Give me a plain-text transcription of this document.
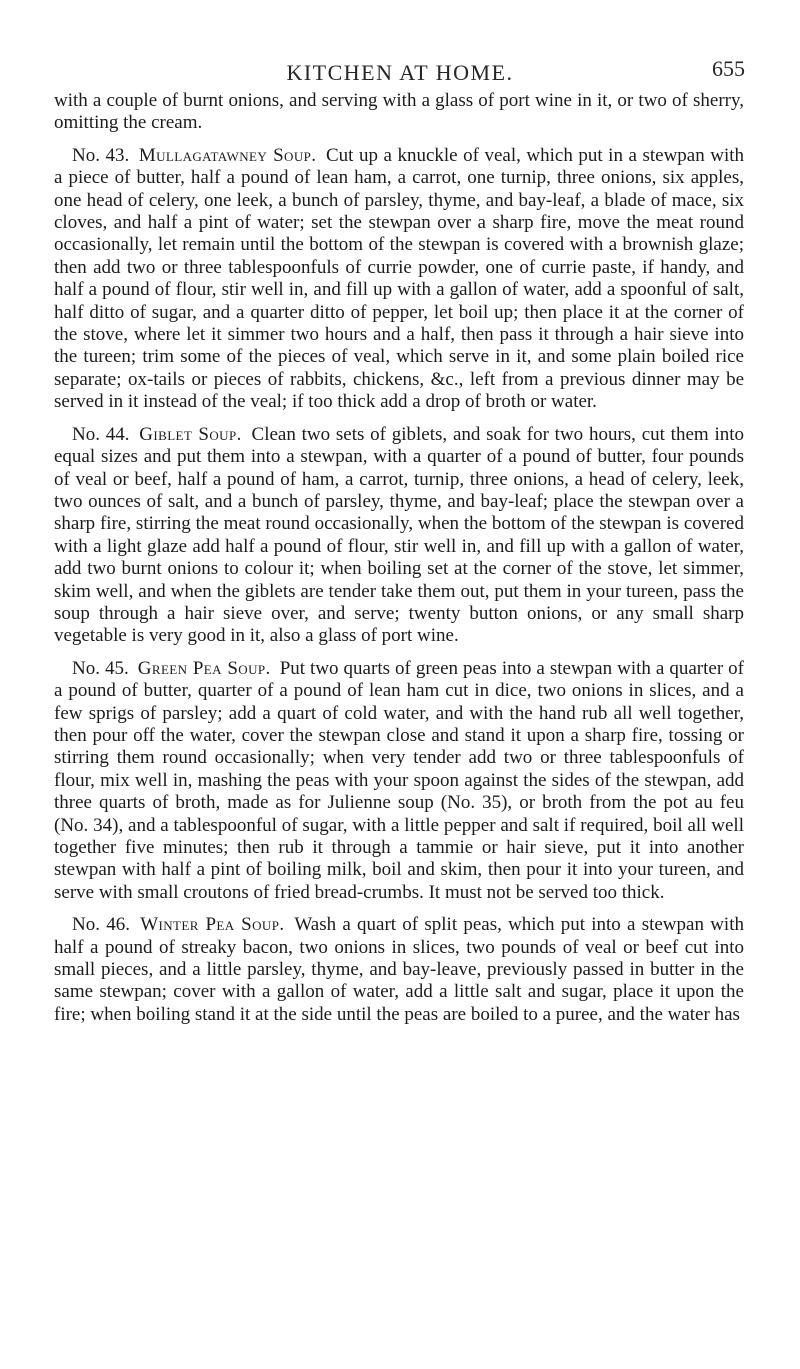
KITCHEN AT HOME.	655

with a couple of burnt onions, and serving with a glass of port wine in it, or two of sherry, omitting the cream.

No. 43. Mullagatawney Soup. Cut up a knuckle of veal, which put in a stewpan with a piece of butter, half a pound of lean ham, a carrot, one turnip, three onions, six apples, one head of celery, one leek, a bunch of parsley, thyme, and bay-leaf, a blade of mace, six cloves, and half a pint of water; set the stewpan over a sharp fire, move the meat round occasionally, let remain until the bottom of the stewpan is covered with a brownish glaze; then add two or three tablespoonfuls of currie powder, one of currie paste, if handy, and half a pound of flour, stir well in, and fill up with a gallon of water, add a spoonful of salt, half ditto of sugar, and a quarter ditto of pepper, let boil up; then place it at the corner of the stove, where let it simmer two hours and a half, then pass it through a hair sieve into the tureen; trim some of the pieces of veal, which serve in it, and some plain boiled rice separate; ox-tails or pieces of rabbits, chickens, &c., left from a previous dinner may be served in it instead of the veal; if too thick add a drop of broth or water.

No. 44. Giblet Soup. Clean two sets of giblets, and soak for two hours, cut them into equal sizes and put them into a stewpan, with a quarter of a pound of butter, four pounds of veal or beef, half a pound of ham, a carrot, turnip, three onions, a head of celery, leek, two ounces of salt, and a bunch of parsley, thyme, and bay-leaf; place the stewpan over a sharp fire, stirring the meat round occasionally, when the bottom of the stewpan is covered with a light glaze add half a pound of flour, stir well in, and fill up with a gallon of water, add two burnt onions to colour it; when boiling set at the corner of the stove, let simmer, skim well, and when the giblets are tender take them out, put them in your tureen, pass the soup through a hair sieve over, and serve; twenty button onions, or any small sharp vegetable is very good in it, also a glass of port wine.

No. 45. Green Pea Soup. Put two quarts of green peas into a stewpan with a quarter of a pound of butter, quarter of a pound of lean ham cut in dice, two onions in slices, and a few sprigs of parsley; add a quart of cold water, and with the hand rub all well together, then pour off the water, cover the stewpan close and stand it upon a sharp fire, tossing or stirring them round occasionally; when very tender add two or three tablespoonfuls of flour, mix well in, mashing the peas with your spoon against the sides of the stewpan, add three quarts of broth, made as for Julienne soup (No. 35), or broth from the pot au feu (No. 34), and a tablespoonful of sugar, with a little pepper and salt if required, boil all well together five minutes; then rub it through a tammie or hair sieve, put it into another stewpan with half a pint of boiling milk, boil and skim, then pour it into your tureen, and serve with small croutons of fried bread-crumbs. It must not be served too thick.

No. 46. Winter Pea Soup. Wash a quart of split peas, which put into a stewpan with half a pound of streaky bacon, two onions in slices, two pounds of veal or beef cut into small pieces, and a little parsley, thyme, and bay-leave, previously passed in butter in the same stewpan; cover with a gallon of water, add a little salt and sugar, place it upon the fire; when boiling stand it at the side until the peas are boiled to a puree, and the water has
